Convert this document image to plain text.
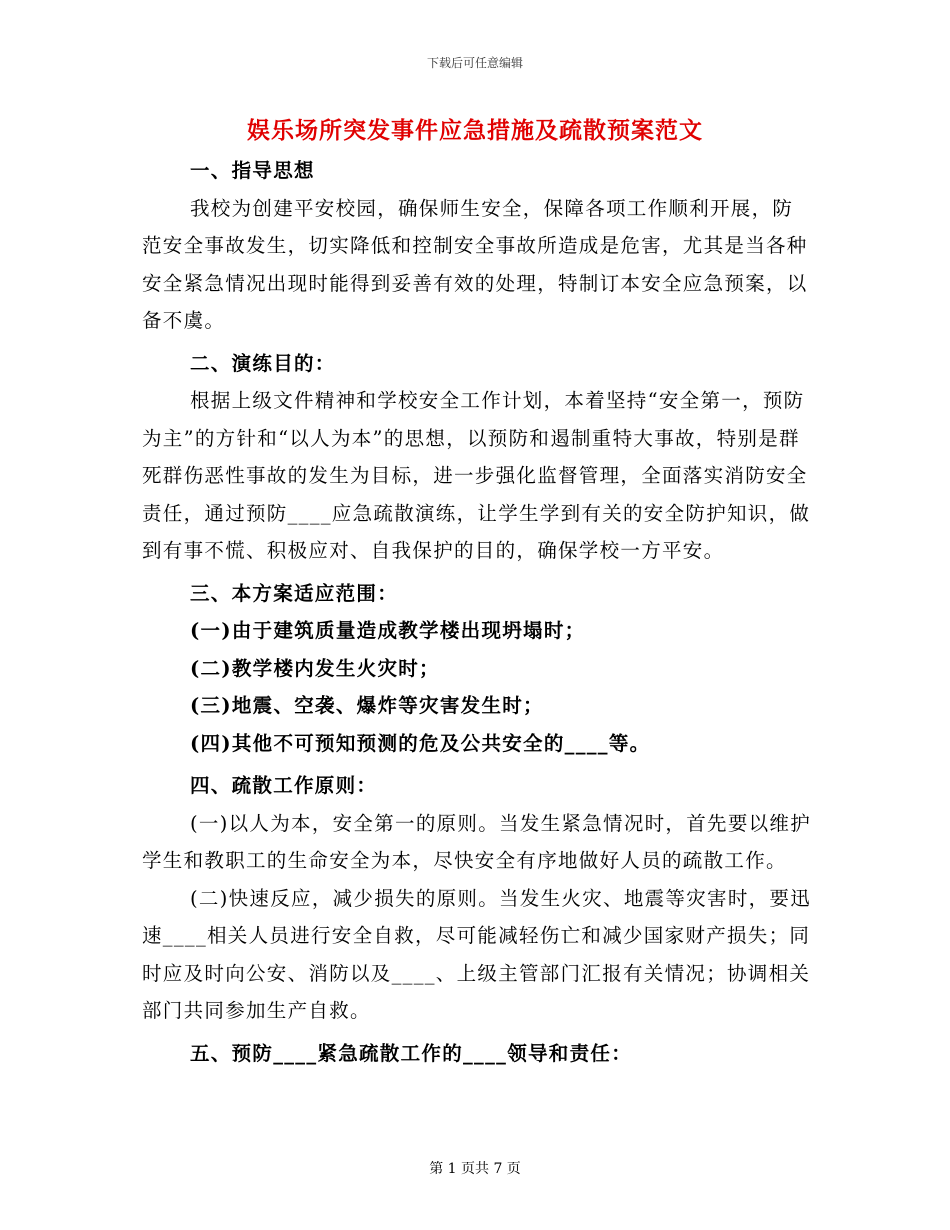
下载后可任意编辑
娱乐场所突发事件应急措施及疏散预案范文

一、指导思想

我校为创建平安校园，确保师生安全，保障各项工作顺利开展，防范安全事故发生，切实降低和控制安全事故所造成是危害，尤其是当各种安全紧急情况出现时能得到妥善有效的处理，特制订本安全应急预案，以备不虞。

二、演练目的：

根据上级文件精神和学校安全工作计划，本着坚持“安全第一，预防为主”的方针和“以人为本”的思想，以预防和遏制重特大事故，特别是群死群伤恶性事故的发生为目标，进一步强化监督管理，全面落实消防安全责任，通过预防____应急疏散演练，让学生学到有关的安全防护知识，做到有事不慌、积极应对、自我保护的目的，确保学校一方平安。

三、本方案适应范围：

(一)由于建筑质量造成教学楼出现坍塌时；

(二)教学楼内发生火灾时；

(三)地震、空袭、爆炸等灾害发生时；

(四)其他不可预知预测的危及公共安全的____等。

四、疏散工作原则：

(一)以人为本，安全第一的原则。当发生紧急情况时，首先要以维护学生和教职工的生命安全为本，尽快安全有序地做好人员的疏散工作。

(二)快速反应，减少损失的原则。当发生火灾、地震等灾害时，要迅速____相关人员进行安全自救，尽可能减轻伤亡和减少国家财产损失；同时应及时向公安、消防以及____、上级主管部门汇报有关情况；协调相关部门共同参加生产自救。

五、预防____紧急疏散工作的____领导和责任：

第 1 页共 7 页
